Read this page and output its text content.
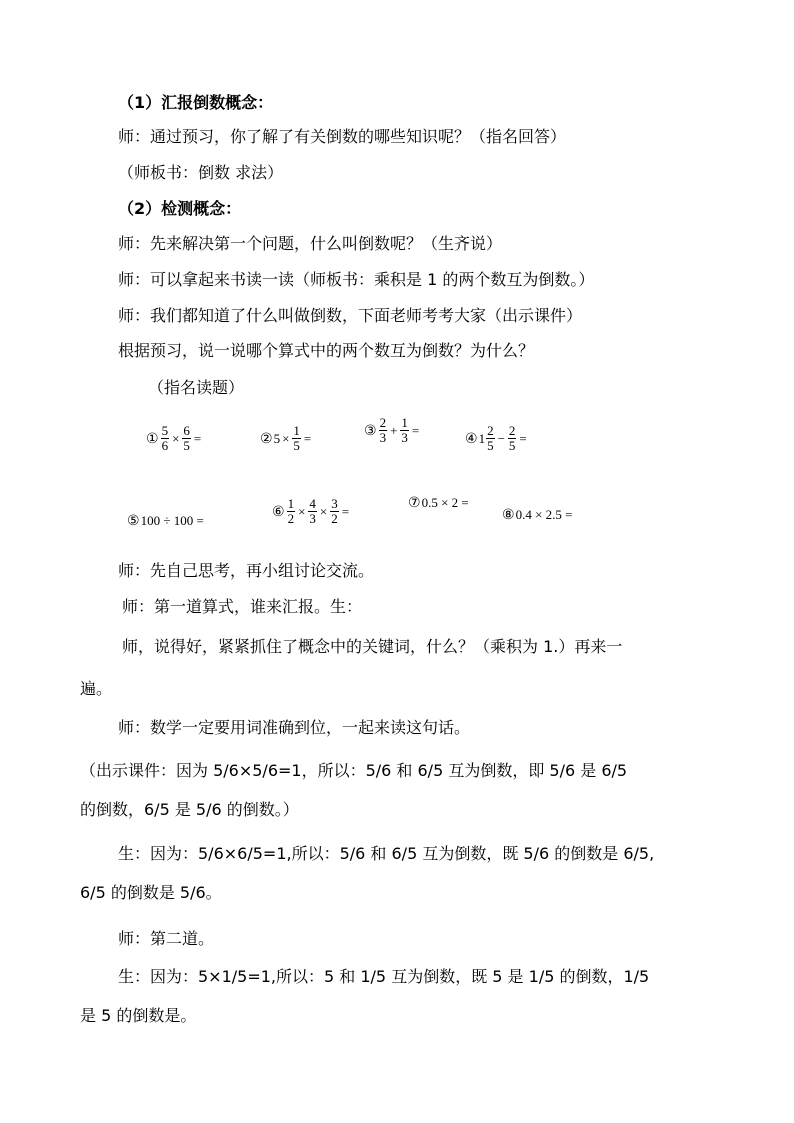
（1）汇报倒数概念：
师：通过预习，你了解了有关倒数的哪些知识呢？（指名回答）
（师板书：倒数 求法）
（2）检测概念：
师：先来解决第一个问题，什么叫倒数呢？（生齐说）
师：可以拿起来书读一读（师板书：乘积是 1 的两个数互为倒数。）
师：我们都知道了什么叫做倒数，下面老师考考大家（出示课件）
根据预习，说一说哪个算式中的两个数互为倒数？为什么？
（指名读题）
① $\frac{5}{6} \times \frac{6}{5}$ =	② $5 \times \frac{1}{5}$ =	③ $\frac{2}{3} + \frac{1}{3}$ =
④ $1 \frac{2}{5} - \frac{2}{5}$ =
⑤ 100 ÷ 100 =
⑥ $\frac{1}{2} \times \frac{4}{3} \times \frac{3}{2}$ =	⑦ 0.5 × 2 =
⑧ 0.4 × 2.5 =
师：先自己思考，再小组讨论交流。
师：第一道算式，谁来汇报。生：
师，说得好，紧紧抓住了概念中的关键词，什么？（乘积为 1.）再来一
遍。
师：数学一定要用词准确到位，一起来读这句话。
（出示课件：因为 5/6×5/6=1，所以：5/6 和 6/5 互为倒数，即 5/6 是 6/5
的倒数，6/5 是 5/6 的倒数。）
生：因为：5/6×6/5=1,所以：5/6 和 6/5 互为倒数，既 5/6 的倒数是 6/5,
6/5 的倒数是 5/6。
师：第二道。
生：因为：5×1/5=1,所以：5 和 1/5 互为倒数，既 5 是 1/5 的倒数，1/5
是 5 的倒数是。
